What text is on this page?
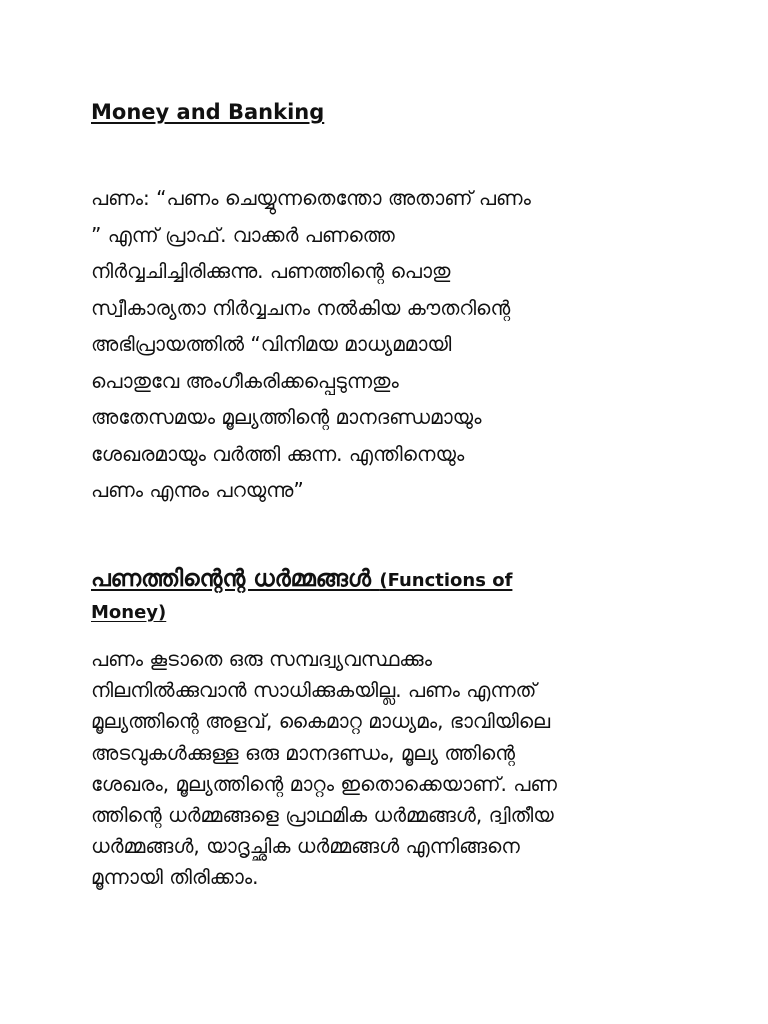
Money and Banking

പണം: “പണം ചെയ്യുന്നതെന്തോ അതാണ് പണം
” എന്ന് പ്രാഫ്. വാക്കർ പണത്തെ
നിർവ്വചിച്ചിരിക്കുന്നു. പണത്തിന്റെ പൊതു
സ്വീകാര്യതാ നിർവ്വചനം നൽകിയ കൗതറിന്റെ
അഭിപ്രായത്തിൽ “വിനിമയ മാധ്യമമായി
പൊതുവേ അംഗീകരിക്കപ്പെടുന്നതും
അതേസമയം മൂല്യത്തിന്റെ മാനദണ്ഡമായും
ശേഖരമായും വർത്തി ക്കുന്ന. എന്തിനെയും
പണം എന്നും പറയുന്നു”

പണത്തിന്റെന്റ ധർമ്മങ്ങൾ (Functions of
Money)

പണം കൂടാതെ ഒരു സമ്പദ്വ്യവസ്ഥക്കും
നിലനിൽക്കുവാൻ സാധിക്കുകയില്ല. പണം എന്നത്
മൂല്യത്തിന്റെ അളവ്, കൈമാറ്റ മാധ്യമം, ഭാവിയിലെ
അടവുകൾക്കുള്ള ഒരു മാനദണ്ഡം, മൂല്യ ത്തിന്റെ
ശേഖരം, മൂല്യത്തിന്റെ മാറ്റം ഇതൊക്കെയാണ്. പണ
ത്തിന്റെ ധർമ്മങ്ങളെ പ്രാഥമിക ധർമ്മങ്ങൾ, ദ്വിതീയ
ധർമ്മങ്ങൾ, യാദൃച്ഛിക ധർമ്മങ്ങൾ എന്നിങ്ങനെ
മൂന്നായി തിരിക്കാം.
